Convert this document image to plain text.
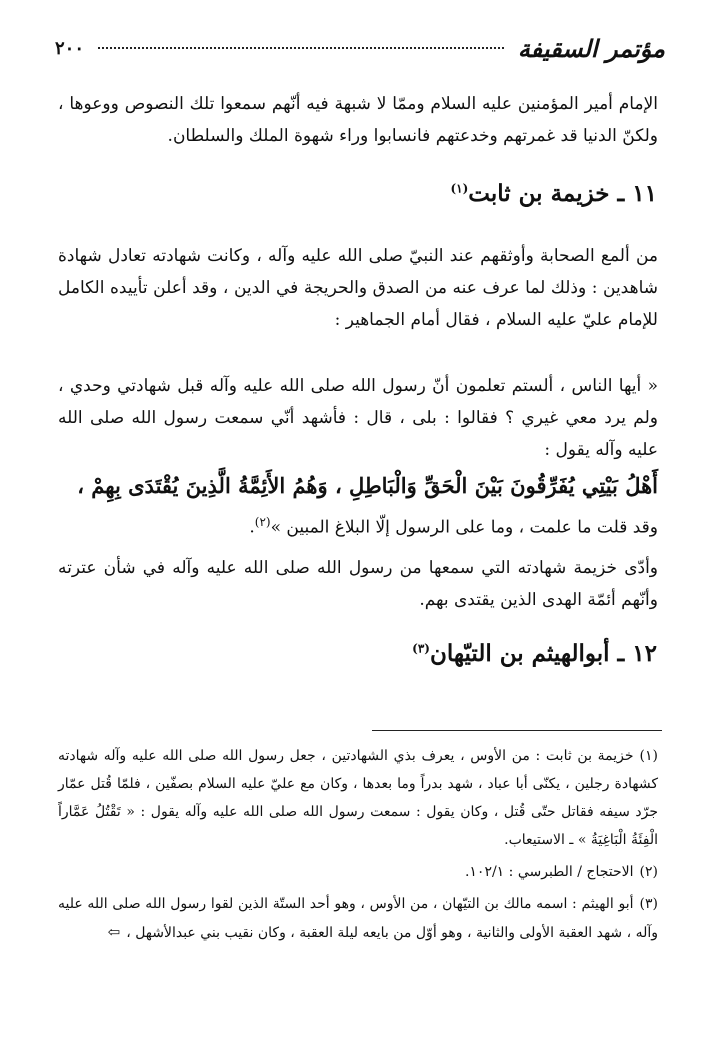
مؤتمر السقيفة
٢٠٠

الإمام أمير المؤمنين عليه السلام وممّا لا شبهة فيه أنّهم سمعوا تلك النصوص ووعوها ، ولكنّ الدنيا قد غمرتهم وخدعتهم فانسابوا وراء شهوة الملك والسلطان.

١١ ـ خزيمة بن ثابت$^{(١)}$

من ألمع الصحابة وأوثقهم عند النبيّ صلى الله عليه وآله ، وكانت شهادته تعادل شهادة شاهدين : وذلك لما عرف عنه من الصدق والحريجة في الدين ، وقد أعلن تأييده الكامل للإمام عليّ عليه السلام ، فقال أمام الجماهير :

« أيها الناس ، ألستم تعلمون أنّ رسول الله صلى الله عليه وآله قبل شهادتي وحدي ، ولم يرد معي غيري ؟ فقالوا : بلى ، قال : فأشهد أنّي سمعت رسول الله صلى الله عليه وآله يقول :

أَهْلُ بَيْتِي يُفَرِّقُونَ بَيْنَ الْحَقِّ وَالْبَاطِلِ ، وَهُمُ الأَئِمَّةُ الَّذِينَ يُقْتَدَى بِهِمْ ،

وقد قلت ما علمت ، وما على الرسول إلّا البلاغ المبين »$^{(٢)}$.

وأدّى خزيمة شهادته التي سمعها من رسول الله صلى الله عليه وآله في شأن عترته وأنّهم أئمّة الهدى الذين يقتدى بهم.

١٢ ـ أبوالهيثم بن التيّهان$^{(٣)}$

(١)خزيمة بن ثابت : من الأوس ، يعرف بذي الشهادتين ، جعل رسول الله صلى الله عليه وآله شهادته كشهادة رجلين ، يكنّى أبا عباد ، شهد بدراً وما بعدها ، وكان مع عليّ عليه السلام بصفّين ، فلمّا قُتل عمّار جرّد سيفه فقاتل حتّى قُتل ، وكان يقول : سمعت رسول الله صلى الله عليه وآله يقول : « تَقْتُلُ عَمَّاراً الْفِئَةُ الْبَاغِيَةُ » ـ الاستيعاب.

(٢)الاحتجاج / الطبرسي : ١٠٢/١.

(٣)أبو الهيثم : اسمه مالك بن التيّهان ، من الأوس ، وهو أحد الستّة الذين لقوا رسول الله صلى الله عليه وآله ، شهد العقبة الأولى والثانية ، وهو أوّل من بايعه ليلة العقبة ، وكان نقيب بني عبدالأشهل ،⇦
